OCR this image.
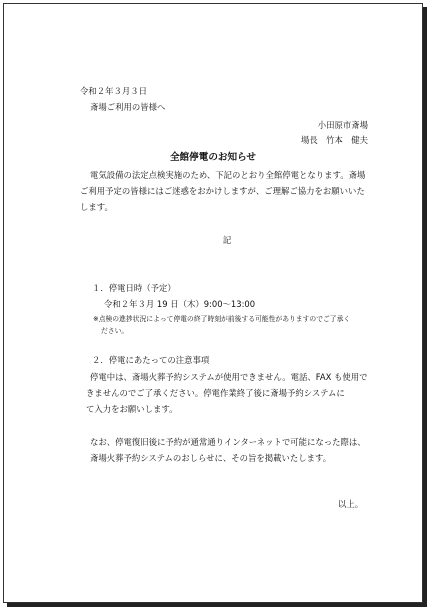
令和２年３月３日
斎場ご利用の皆様へ
小田原市斎場
場長　竹本　健夫
全館停電のお知らせ
電気設備の法定点検実施のため、下記のとおり全館停電となります。斎場
ご利用予定の皆様にはご迷惑をおかけしますが、ご理解ご協力をお願いいた
します。
記
１．停電日時（予定）
令和２年３月 19 日（木）9:00～13:00
※点検の進捗状況によって停電の終了時刻が前後する可能性がありますのでご了承く
ださい。
２．停電にあたっての注意事項
停電中は、斎場火葬予約システムが使用できません。電話、FAX も使用で
きませんのでご了承ください。停電作業終了後に斎場予約システムに
て入力をお願いします。
なお、停電復旧後に予約が通常通りインターネットで可能になった際は、
斎場火葬予約システムのおしらせに、その旨を掲載いたします。
以上。
